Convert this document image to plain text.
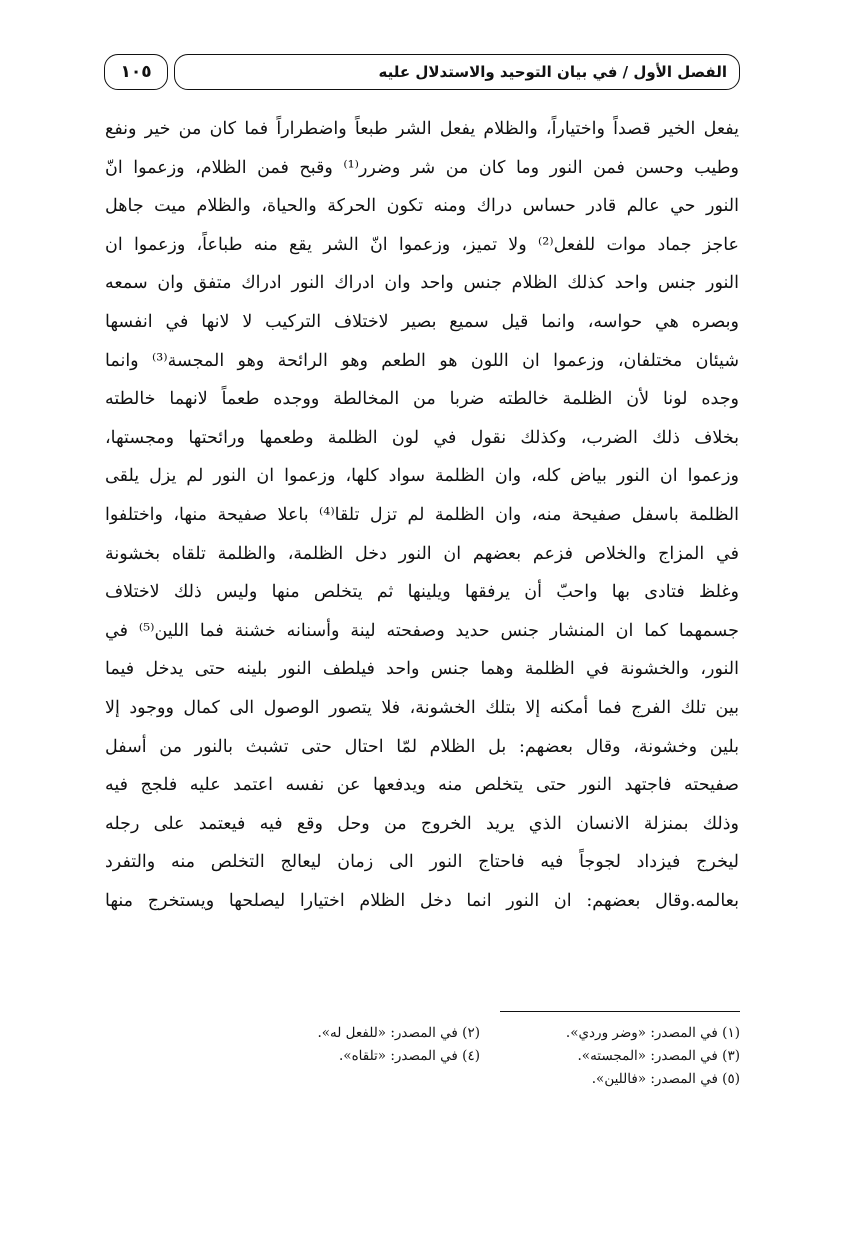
الفصل الأول / في بيان التوحيد والاستدلال عليه
١٠٥
يفعل الخير قصداً واختياراً، والظلام يفعل الشر طبعاً واضطراراً فما كان من خير ونفع
وطيب وحسن فمن النور وما كان من شر وضرر⁽¹⁾ وقبح فمن الظلام، وزعموا انّ
النور حي عالم قادر حساس دراك ومنه تكون الحركة والحياة، والظلام ميت جاهل
عاجز جماد موات للفعل⁽²⁾ ولا تميز، وزعموا انّ الشر يقع منه طباعاً، وزعموا ان
النور جنس واحد كذلك الظلام جنس واحد وان ادراك النور ادراك متفق وان سمعه
وبصره هي حواسه، وانما قيل سميع بصير لاختلاف التركيب لا لانها في انفسها
شيئان مختلفان، وزعموا ان اللون هو الطعم وهو الرائحة وهو المجسة⁽³⁾ وانما
وجده لونا لأن الظلمة خالطته ضربا من المخالطة ووجده طعماً لانهما خالطته
بخلاف ذلك الضرب، وكذلك نقول في لون الظلمة وطعمها ورائحتها ومجستها،
وزعموا ان النور بياض كله، وان الظلمة سواد كلها، وزعموا ان النور لم يزل يلقى
الظلمة باسفل صفيحة منه، وان الظلمة لم تزل تلقا⁽⁴⁾ باعلا صفيحة منها، واختلفوا
في المزاج والخلاص فزعم بعضهم ان النور دخل الظلمة، والظلمة تلقاه بخشونة
وغلظ فتادى بها واحبّ أن يرفقها ويلينها ثم يتخلص منها وليس ذلك لاختلاف
جسمهما كما ان المنشار جنس حديد وصفحته لينة وأسنانه خشنة فما اللين⁽⁵⁾ في
النور، والخشونة في الظلمة وهما جنس واحد فيلطف النور بلينه حتى يدخل فيما
بين تلك الفرج فما أمكنه إلا بتلك الخشونة، فلا يتصور الوصول الى كمال ووجود إلا
بلين وخشونة، وقال بعضهم: بل الظلام لمّا احتال حتى تشبث بالنور من أسفل
صفيحته فاجتهد النور حتى يتخلص منه ويدفعها عن نفسه اعتمد عليه فلجج فيه
وذلك بمنزلة الانسان الذي يريد الخروج من وحل وقع فيه فيعتمد على رجله
ليخرج فيزداد لجوجاً فيه فاحتاج النور الى زمان ليعالج التخلص منه والتفرد
بعالمه.وقال بعضهم: ان النور انما دخل الظلام اختيارا ليصلحها ويستخرج منها
(١) في المصدر: «وضر وردي».
(٢) في المصدر: «للفعل له».
(٣) في المصدر: «المجسته».
(٤) في المصدر: «تلقاه».
(٥) في المصدر: «فاللين».
